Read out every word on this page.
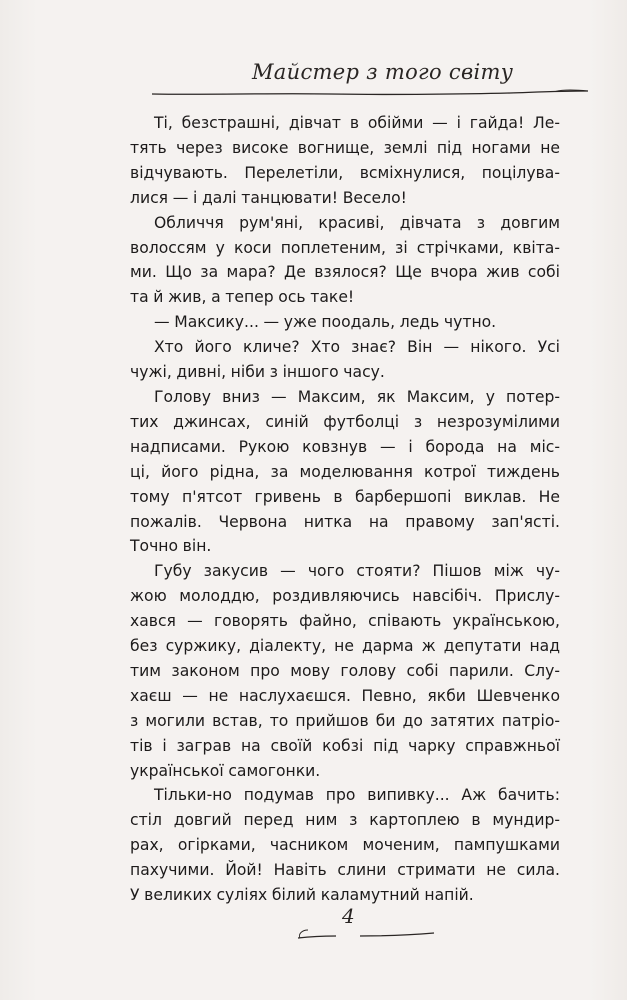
Майстер з того світу
Ті, безстрашні, дівчат в обійми — і гайда! Ле-
тять через високе вогнище, землі під ногами не
відчувають. Перелетіли, всміхнулися, поцілува-
лися — і далі танцювати! Весело!
Обличчя рум'яні, красиві, дівчата з довгим
волоссям у коси поплетеним, зі стрічками, квіта-
ми. Що за мара? Де взялося? Ще вчора жив собі
та й жив, а тепер ось таке!
— Максику... — уже поодаль, ледь чутно.
Хто його кличе? Хто знає? Він — нікого. Усі
чужі, дивні, ніби з іншого часу.
Голову вниз — Максим, як Максим, у потер-
тих джинсах, синій футболці з незрозумілими
надписами. Рукою ковзнув — і борода на міс-
ці, його рідна, за моделювання котрої тиждень
тому п'ятсот гривень в барбершопі виклав. Не
пожалів. Червона нитка на правому зап'ясті.
Точно він.
Губу закусив — чого стояти? Пішов між чу-
жою молоддю, роздивляючись навсібіч. Прислу-
хався — говорять файно, співають українською,
без суржику, діалекту, не дарма ж депутати над
тим законом про мову голову собі парили. Слу-
хаєш — не наслухаєшся. Певно, якби Шевченко
з могили встав, то прийшов би до затятих патріо-
тів і заграв на своїй кобзі під чарку справжньої
української самогонки.
Тільки-но подумав про випивку... Аж бачить:
стіл довгий перед ним з картоплею в мундир-
рах, огірками, часником моченим, пампушками
пахучими. Йой! Навіть слини стримати не сила.
У великих суліях білий каламутний напій.
4
